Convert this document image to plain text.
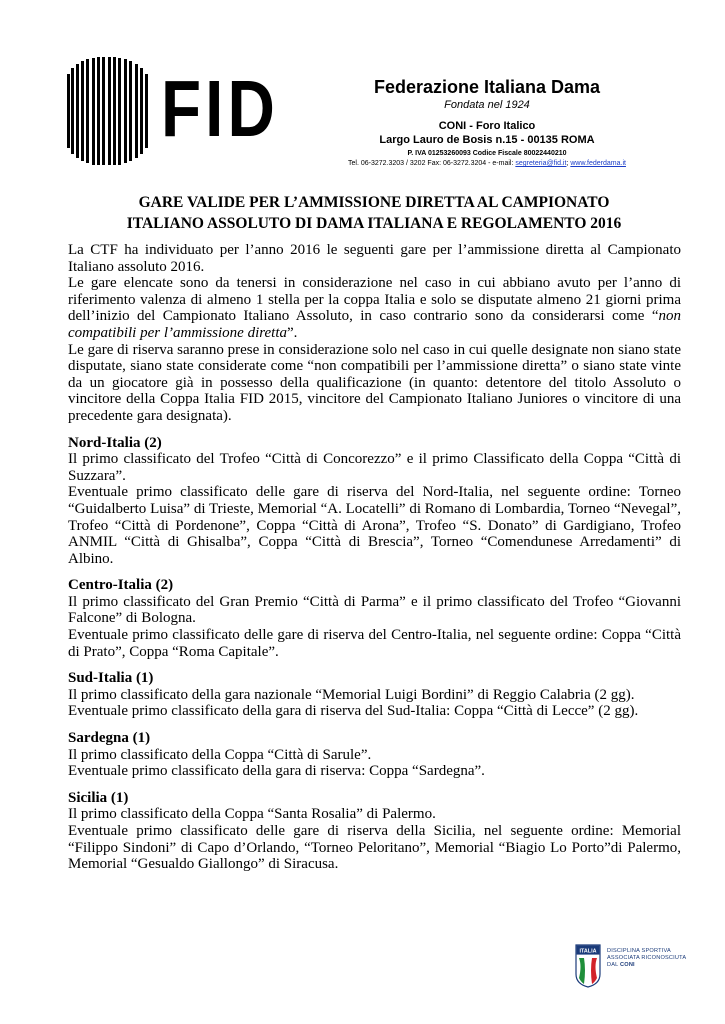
FID	Federazione Italiana Dama
Fondata nel 1924
CONI - Foro Italico
Largo Lauro de Bosis n.15 - 00135 ROMA
P. IVA 01253260093 Codice Fiscale 80022440210
Tel. 06-3272.3203 / 3202 Fax: 06-3272.3204 - e-mail: segreteria@fid.it; www.federdama.it
GARE VALIDE PER L’AMMISSIONE DIRETTA AL CAMPIONATO
ITALIANO ASSOLUTO DI DAMA ITALIANA E REGOLAMENTO 2016

La CTF ha individuato per l’anno 2016 le seguenti gare per l’ammissione diretta al Campionato Italiano assoluto 2016.

Le gare elencate sono da tenersi in considerazione nel caso in cui abbiano avuto per l’anno di riferimento valenza di almeno 1 stella per la coppa Italia e solo se disputate almeno 21 giorni prima dell’inizio del Campionato Italiano Assoluto, in caso contrario sono da considerarsi come “non compatibili per l’ammissione diretta”.

Le gare di riserva saranno prese in considerazione solo nel caso in cui quelle designate non siano state disputate, siano state considerate come “non compatibili per l’ammissione diretta” o siano state vinte da un giocatore già in possesso della qualificazione (in quanto: detentore del titolo Assoluto o vincitore della Coppa Italia FID 2015, vincitore del Campionato Italiano Juniores o vincitore di una precedente gara designata).

Nord-Italia (2)

Il primo classificato del Trofeo “Città di Concorezzo” e il primo Classificato della Coppa “Città di Suzzara”.

Eventuale primo classificato delle gare di riserva del Nord-Italia, nel seguente ordine: Torneo “Guidalberto Luisa” di Trieste, Memorial “A. Locatelli” di Romano di Lombardia, Torneo “Nevegal”, Trofeo “Città di Pordenone”, Coppa “Città di Arona”, Trofeo “S. Donato” di Gardigiano, Trofeo ANMIL “Città di Ghisalba”, Coppa “Città di Brescia”, Torneo “Comendunese Arredamenti” di Albino.

Centro-Italia (2)

Il primo classificato del Gran Premio “Città di Parma” e il primo classificato del Trofeo “Giovanni Falcone” di Bologna.

Eventuale primo classificato delle gare di riserva del Centro-Italia, nel seguente ordine: Coppa “Città di Prato”, Coppa “Roma Capitale”.

Sud-Italia (1)

Il primo classificato della gara nazionale “Memorial Luigi Bordini” di Reggio Calabria (2 gg).

Eventuale primo classificato della gara di riserva del Sud-Italia: Coppa “Città di Lecce” (2 gg).

Sardegna (1)

Il primo classificato della Coppa “Città di Sarule”.

Eventuale primo classificato della gara di riserva: Coppa “Sardegna”.

Sicilia (1)

Il primo classificato della Coppa “Santa Rosalia” di Palermo.

Eventuale primo classificato delle gare di riserva della Sicilia, nel seguente ordine: Memorial “Filippo Sindoni” di Capo d’Orlando, “Torneo Peloritano”, Memorial “Biagio Lo Porto”di Palermo, Memorial “Gesualdo Giallongo” di Siracusa.

ITALIA DISCIPLINA SPORTIVA
ASSOCIATA RICONOSCIUTA
DAL CONI
